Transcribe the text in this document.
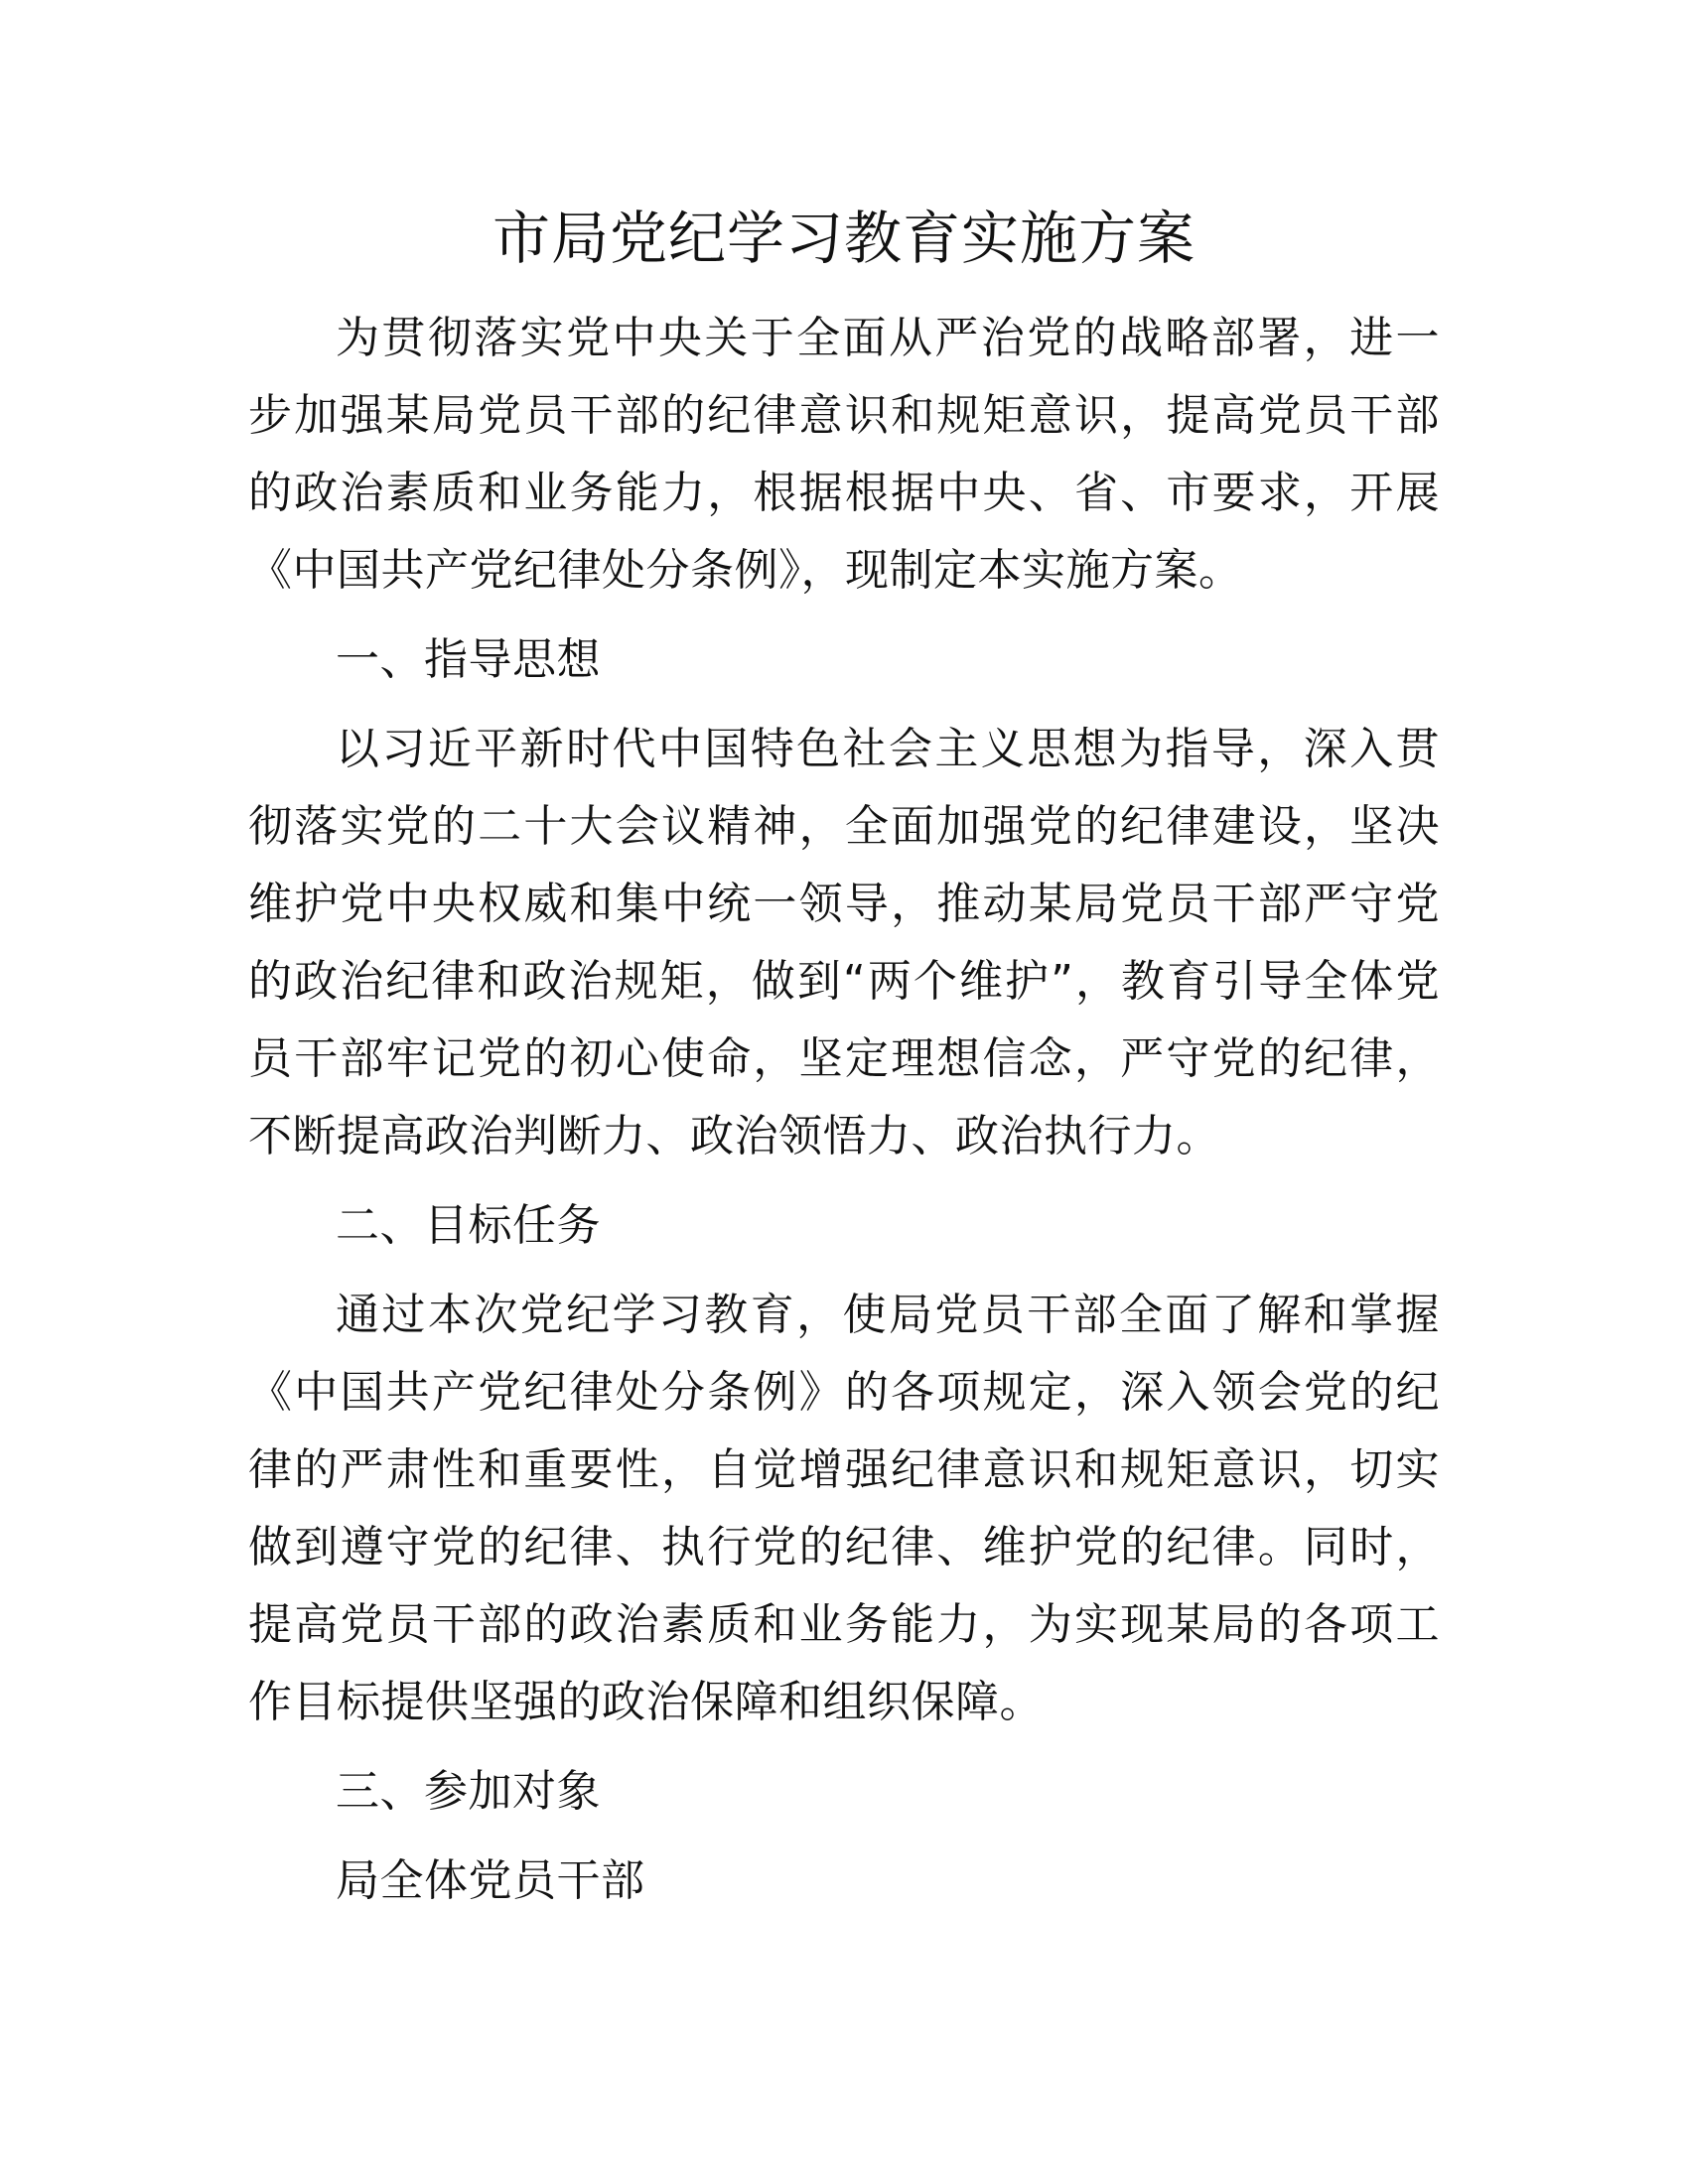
市局党纪学习教育实施方案

为贯彻落实党中央关于全面从严治党的战略部署，进一步加强某局党员干部的纪律意识和规矩意识，提高党员干部的政治素质和业务能力，根据根据中央、省、市要求，开展《中国共产党纪律处分条例》，现制定本实施方案。

一、指导思想

以习近平新时代中国特色社会主义思想为指导，深入贯彻落实党的二十大会议精神，全面加强党的纪律建设，坚决维护党中央权威和集中统一领导，推动某局党员干部严守党的政治纪律和政治规矩，做到“两个维护”，教育引导全体党员干部牢记党的初心使命，坚定理想信念，严守党的纪律，不断提高政治判断力、政治领悟力、政治执行力。

二、目标任务

通过本次党纪学习教育，使局党员干部全面了解和掌握《中国共产党纪律处分条例》的各项规定，深入领会党的纪律的严肃性和重要性，自觉增强纪律意识和规矩意识，切实做到遵守党的纪律、执行党的纪律、维护党的纪律。同时，提高党员干部的政治素质和业务能力，为实现某局的各项工作目标提供坚强的政治保障和组织保障。

三、参加对象

局全体党员干部
